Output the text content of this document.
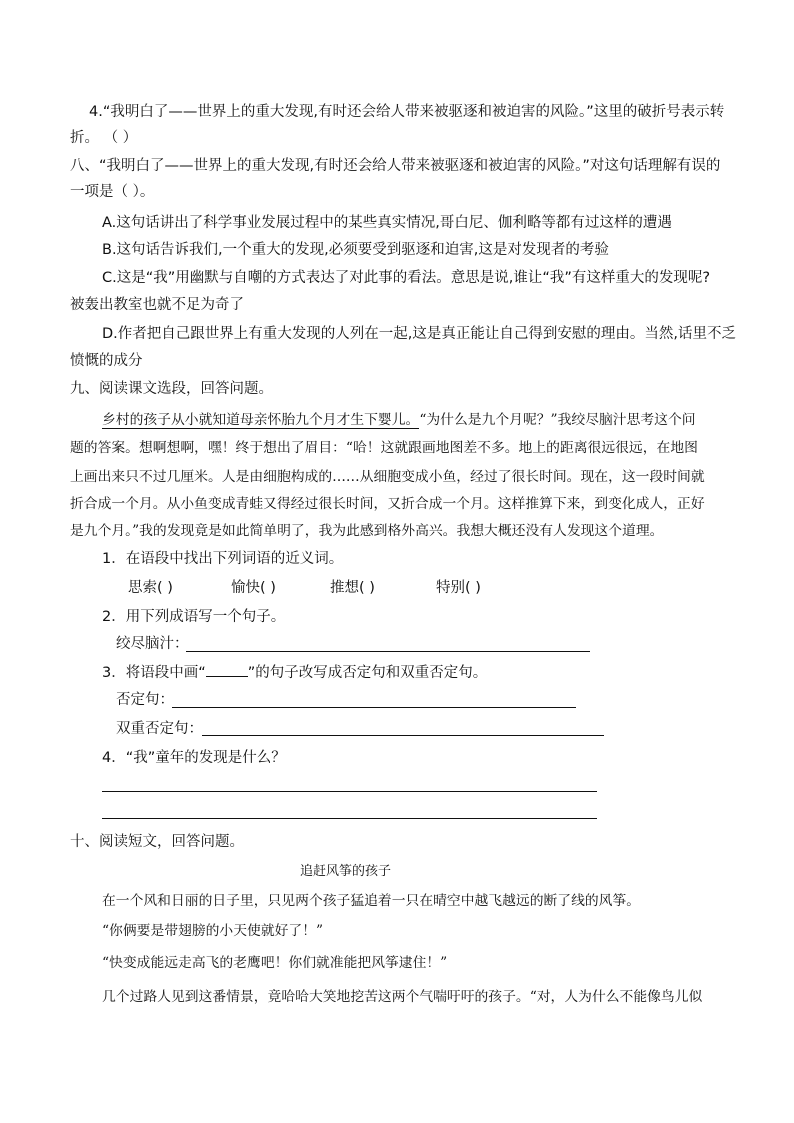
4.“我明白了——世界上的重大发现,有时还会给人带来被驱逐和被迫害的风险。”这里的破折号表示转
折。 （ ）
八、“我明白了——世界上的重大发现,有时还会给人带来被驱逐和被迫害的风险。”对这句话理解有误的
一项是（ ）。
A.这句话讲出了科学事业发展过程中的某些真实情况,哥白尼、伽利略等都有过这样的遭遇
B.这句话告诉我们,一个重大的发现,必须要受到驱逐和迫害,这是对发现者的考验
C.这是“我”用幽默与自嘲的方式表达了对此事的看法。意思是说,谁让“我”有这样重大的发现呢?
被轰出教室也就不足为奇了
D.作者把自己跟世界上有重大发现的人列在一起,这是真正能让自己得到安慰的理由。当然,话里不乏
愤慨的成分
九、阅读课文选段，回答问题。
乡村的孩子从小就知道母亲怀胎九个月才生下婴儿。“为什么是九个月呢？”我绞尽脑汁思考这个问
题的答案。想啊想啊，嘿！终于想出了眉目：“哈！这就跟画地图差不多。地上的距离很远很远，在地图
上画出来只不过几厘米。人是由细胞构成的……从细胞变成小鱼，经过了很长时间。现在，这一段时间就
折合成一个月。从小鱼变成青蛙又得经过很长时间，又折合成一个月。这样推算下来，到变化成人，正好
是九个月。”我的发现竟是如此简单明了，我为此感到格外高兴。我想大概还没有人发现这个道理。
1．在语段中找出下列词语的近义词。
思索( )	愉快( )	推想( )	特别( )
2．用下列成语写一个句子。
绞尽脑汁：
3．将语段中画“	”的句子改写成否定句和双重否定句。
否定句：
双重否定句：
4．“我”童年的发现是什么？
十、阅读短文，回答问题。
追赶风筝的孩子
在一个风和日丽的日子里，只见两个孩子猛追着一只在晴空中越飞越远的断了线的风筝。
“你俩要是带翅膀的小天使就好了！”
“快变成能远走高飞的老鹰吧！你们就准能把风筝逮住！”
几个过路人见到这番情景，竟哈哈大笑地挖苦这两个气喘吁吁的孩子。“对，人为什么不能像鸟儿似
